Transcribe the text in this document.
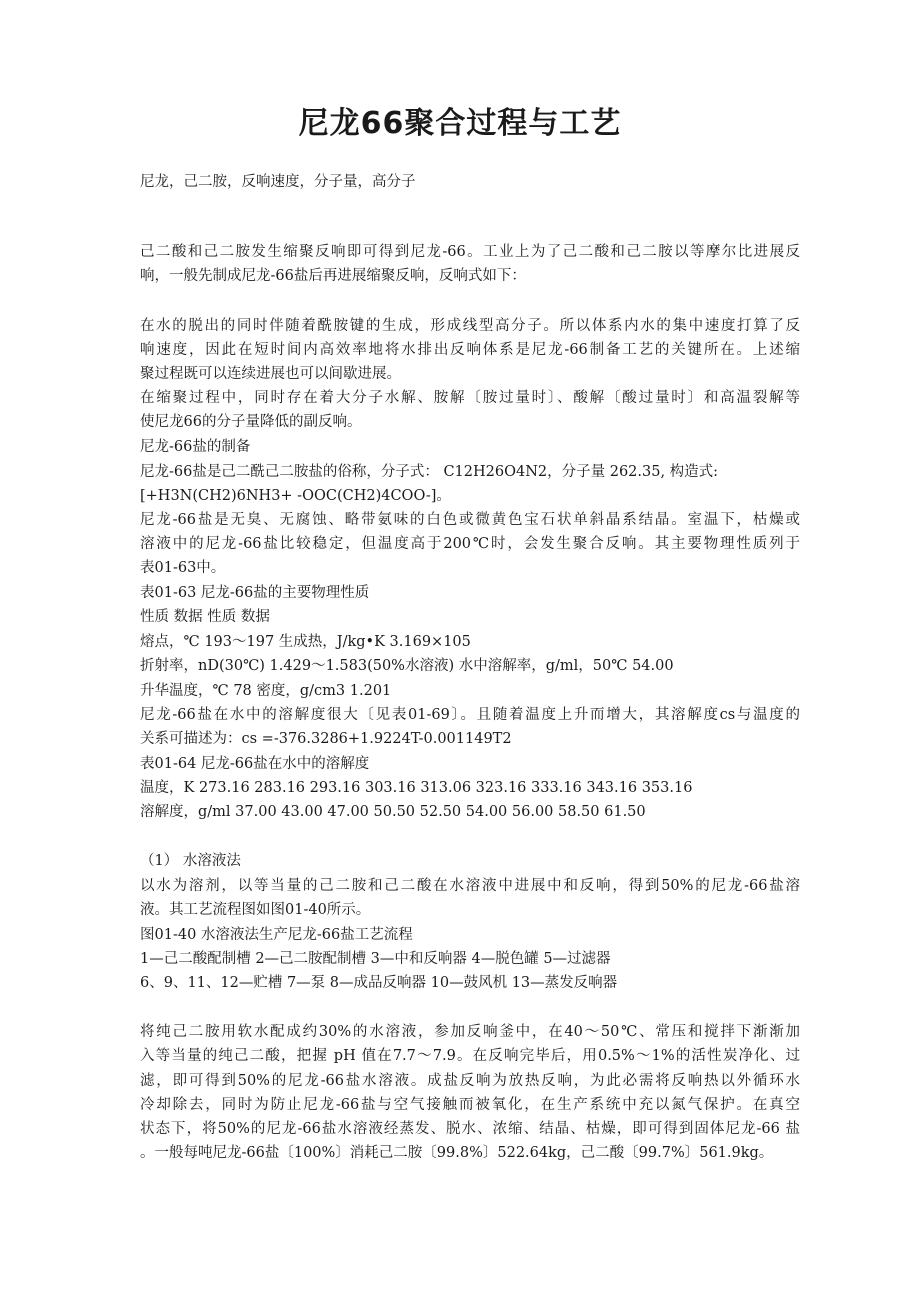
尼龙66聚合过程与工艺
尼龙，己二胺，反响速度，分子量，高分子
己二酸和己二胺发生缩聚反响即可得到尼龙-66。工业上为了己二酸和己二胺以等摩尔比进展反
响，一般先制成尼龙-66盐后再进展缩聚反响，反响式如下：
在水的脱出的同时伴随着酰胺键的生成，形成线型高分子。所以体系内水的集中速度打算了反
响速度，因此在短时间内高效率地将水排出反响体系是尼龙-66制备工艺的关键所在。上述缩
聚过程既可以连续进展也可以间歇进展。
在缩聚过程中，同时存在着大分子水解、胺解〔胺过量时〕、酸解〔酸过量时〕和高温裂解等
使尼龙66的分子量降低的副反响。
尼龙-66盐的制备
尼龙-66盐是己二酰己二胺盐的俗称，分子式： C12H26O4N2，分子量 262.35, 构造式:
[+H3N(CH2)6NH3+ -OOC(CH2)4COO-]。
尼龙-66盐是无臭、无腐蚀、略带氨味的白色或微黄色宝石状单斜晶系结晶。室温下，枯燥或
溶液中的尼龙-66盐比较稳定，但温度高于200℃时，会发生聚合反响。其主要物理性质列于
表01-63中。
表01-63 尼龙-66盐的主要物理性质
性质 数据 性质 数据
熔点，℃ 193～197 生成热，J/kg•K 3.169×105
折射率，nD(30℃) 1.429～1.583(50%水溶液) 水中溶解率，g/ml，50℃ 54.00
升华温度，℃ 78 密度，g/cm3 1.201
尼龙-66盐在水中的溶解度很大〔见表01-69〕。且随着温度上升而增大，其溶解度cs与温度的
关系可描述为：cs =-376.3286+1.9224T-0.001149T2
表01-64 尼龙-66盐在水中的溶解度
温度，K 273.16 283.16 293.16 303.16 313.06 323.16 333.16 343.16 353.16
溶解度，g/ml 37.00 43.00 47.00 50.50 52.50 54.00 56.00 58.50 61.50
（1） 水溶液法
以水为溶剂，以等当量的己二胺和己二酸在水溶液中进展中和反响，得到50%的尼龙-66盐溶
液。其工艺流程图如图01-40所示。
图01-40 水溶液法生产尼龙-66盐工艺流程
1—己二酸配制槽 2—己二胺配制槽 3—中和反响器 4—脱色罐 5—过滤器
6、9、11、12—贮槽 7—泵 8—成品反响器 10—鼓风机 13—蒸发反响器
将纯己二胺用软水配成约30%的水溶液，参加反响釜中，在40～50℃、常压和搅拌下渐渐加
入等当量的纯己二酸，把握 pH 值在7.7～7.9。在反响完毕后，用0.5%～1%的活性炭净化、过
滤，即可得到50%的尼龙-66盐水溶液。成盐反响为放热反响，为此必需将反响热以外循环水
冷却除去，同时为防止尼龙-66盐与空气接触而被氧化，在生产系统中充以氮气保护。在真空
状态下，将50%的尼龙-66盐水溶液经蒸发、脱水、浓缩、结晶、枯燥，即可得到固体尼龙-66 盐
。一般每吨尼龙-66盐〔100%〕消耗己二胺〔99.8%〕522.64kg，己二酸〔99.7%〕561.9kg。
